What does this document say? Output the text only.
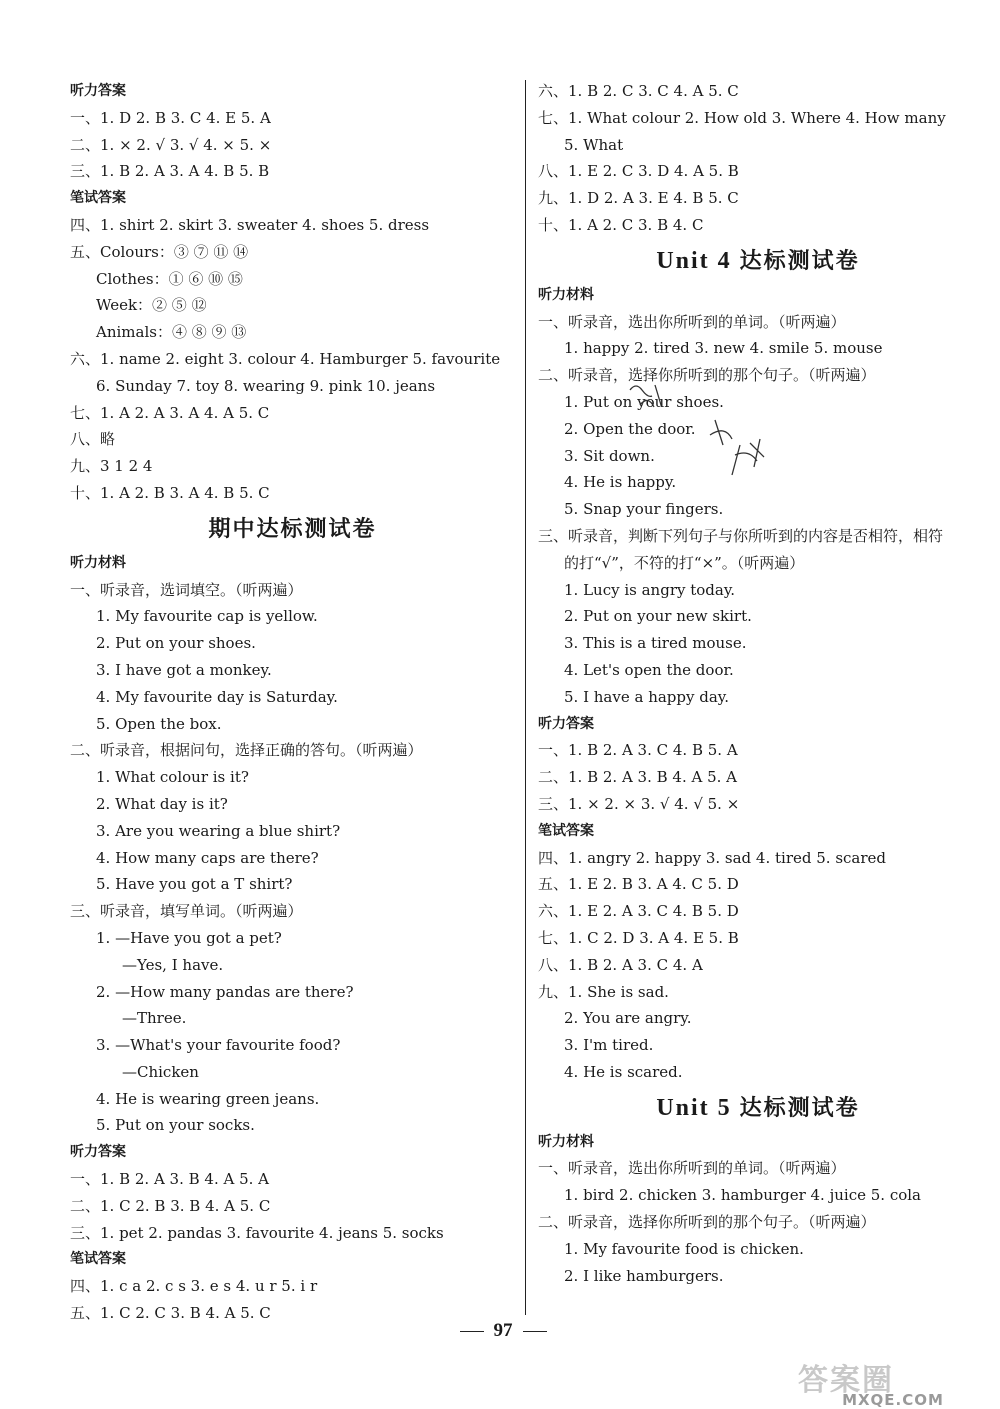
听力答案
一、1. D 2. B 3. C 4. E 5. A
二、1. × 2. √ 3. √ 4. × 5. ×
三、1. B 2. A 3. A 4. B 5. B
笔试答案
四、1. shirt 2. skirt 3. sweater 4. shoes 5. dress
五、Colours：③ ⑦ ⑪ ⑭
Clothes：① ⑥ ⑩ ⑮
Week：② ⑤ ⑫
Animals：④ ⑧ ⑨ ⑬
六、1. name 2. eight 3. colour 4. Hamburger 5. favourite
6. Sunday 7. toy 8. wearing 9. pink 10. jeans
七、1. A 2. A 3. A 4. A 5. C
八、略
九、3 1 2 4
十、1. A 2. B 3. A 4. B 5. C
期中达标测试卷
听力材料
一、听录音，选词填空。（听两遍）
1. My favourite cap is yellow.
2. Put on your shoes.
3. I have got a monkey.
4. My favourite day is Saturday.
5. Open the box.
二、听录音，根据问句，选择正确的答句。（听两遍）
1. What colour is it?
2. What day is it?
3. Are you wearing a blue shirt?
4. How many caps are there?
5. Have you got a T shirt?
三、听录音，填写单词。（听两遍）
1. —Have you got a pet?
—Yes, I have.
2. —How many pandas are there?
—Three.
3. —What's your favourite food?
—Chicken
4. He is wearing green jeans.
5. Put on your socks.
听力答案
一、1. B 2. A 3. B 4. A 5. A
二、1. C 2. B 3. B 4. A 5. C
三、1. pet 2. pandas 3. favourite 4. jeans 5. socks
笔试答案
四、1. c a 2. c s 3. e s 4. u r 5. i r
五、1. C 2. C 3. B 4. A 5. C
六、1. B 2. C 3. C 4. A 5. C
七、1. What colour 2. How old 3. Where 4. How many
5. What
八、1. E 2. C 3. D 4. A 5. B
九、1. D 2. A 3. E 4. B 5. C
十、1. A 2. C 3. B 4. C
Unit 4 达标测试卷
听力材料
一、听录音，选出你所听到的单词。（听两遍）
1. happy 2. tired 3. new 4. smile 5. mouse
二、听录音，选择你所听到的那个句子。（听两遍）
1. Put on your shoes.
2. Open the door.
3. Sit down.
4. He is happy.
5. Snap your fingers.
三、听录音，判断下列句子与你所听到的内容是否相符，相符
的打“√”，不符的打“×”。（听两遍）
1. Lucy is angry today.
2. Put on your new skirt.
3. This is a tired mouse.
4. Let's open the door.
5. I have a happy day.
听力答案
一、1. B 2. A 3. C 4. B 5. A
二、1. B 2. A 3. B 4. A 5. A
三、1. × 2. × 3. √ 4. √ 5. ×
笔试答案
四、1. angry 2. happy 3. sad 4. tired 5. scared
五、1. E 2. B 3. A 4. C 5. D
六、1. E 2. A 3. C 4. B 5. D
七、1. C 2. D 3. A 4. E 5. B
八、1. B 2. A 3. C 4. A
九、1. She is sad.
2. You are angry.
3. I'm tired.
4. He is scared.
Unit 5 达标测试卷
听力材料
一、听录音，选出你所听到的单词。（听两遍）
1. bird 2. chicken 3. hamburger 4. juice 5. cola
二、听录音，选择你所听到的那个句子。（听两遍）
1. My favourite food is chicken.
2. I like hamburgers.
97
答案圈
MXQE.COM
